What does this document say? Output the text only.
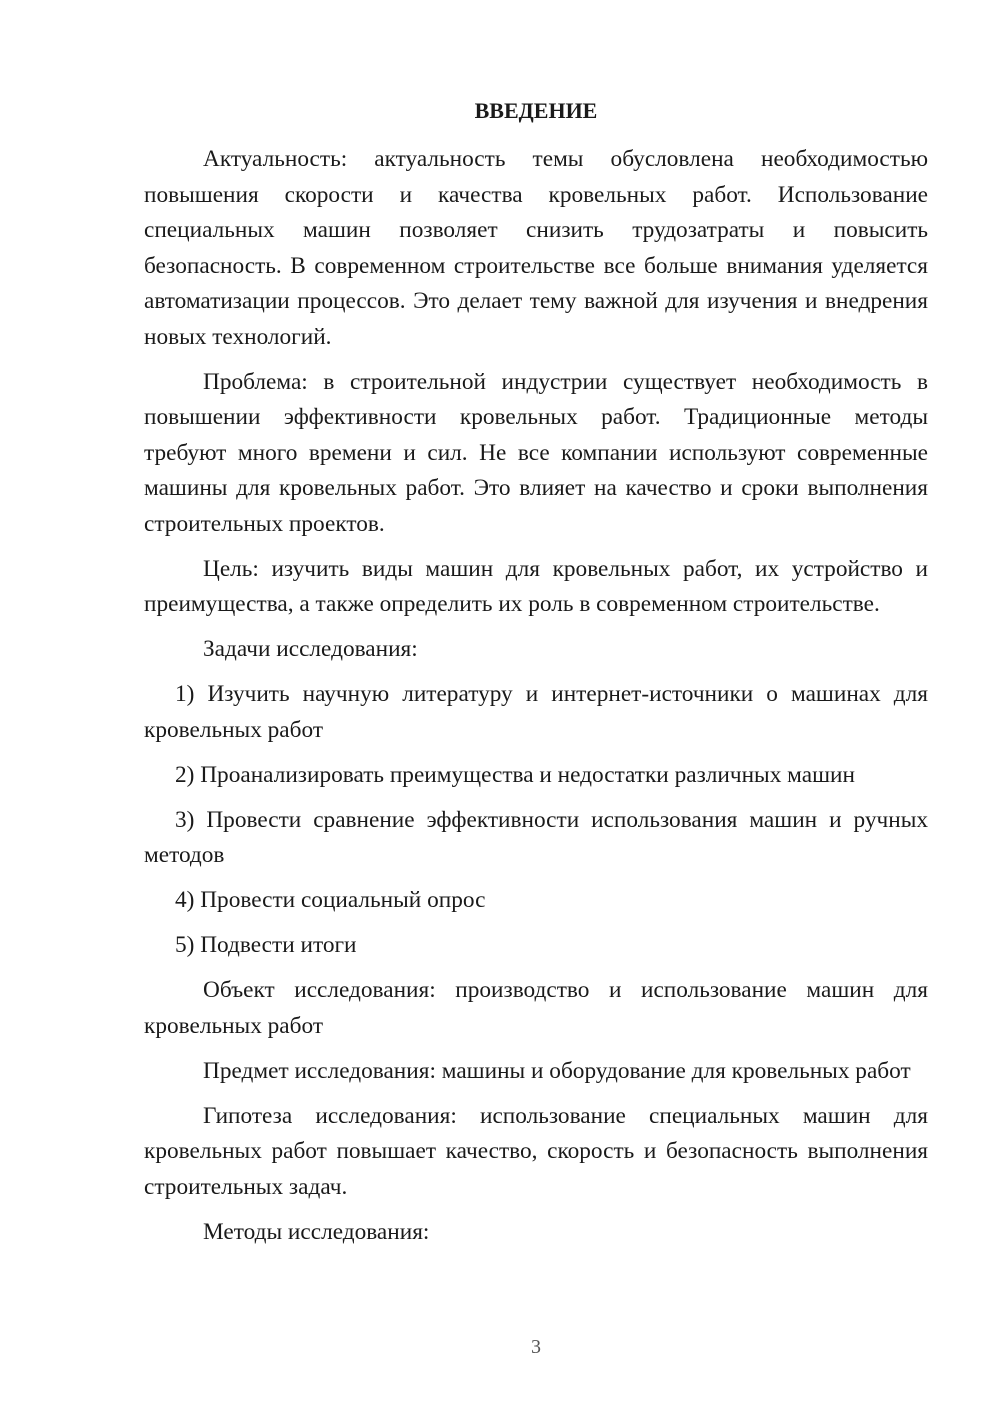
ВВЕДЕНИЕ

Актуальность: актуальность темы обусловлена необходимостью повышения скорости и качества кровельных работ. Использование специальных машин позволяет снизить трудозатраты и повысить безопасность. В современном строительстве все больше внимания уделяется автоматизации процессов. Это делает тему важной для изучения и внедрения новых технологий.

Проблема: в строительной индустрии существует необходимость в повышении эффективности кровельных работ. Традиционные методы требуют много времени и сил. Не все компании используют современные машины для кровельных работ. Это влияет на качество и сроки выполнения строительных проектов.

Цель: изучить виды машин для кровельных работ, их устройство и преимущества, а также определить их роль в современном строительстве.

Задачи исследования:

1) Изучить научную литературу и интернет-источники о машинах для кровельных работ

2) Проанализировать преимущества и недостатки различных машин

3) Провести сравнение эффективности использования машин и ручных методов

4) Провести социальный опрос

5) Подвести итоги

Объект исследования: производство и использование машин для кровельных работ

Предмет исследования: машины и оборудование для кровельных работ

Гипотеза исследования: использование специальных машин для кровельных работ повышает качество, скорость и безопасность выполнения строительных задач.

Методы исследования:

3
